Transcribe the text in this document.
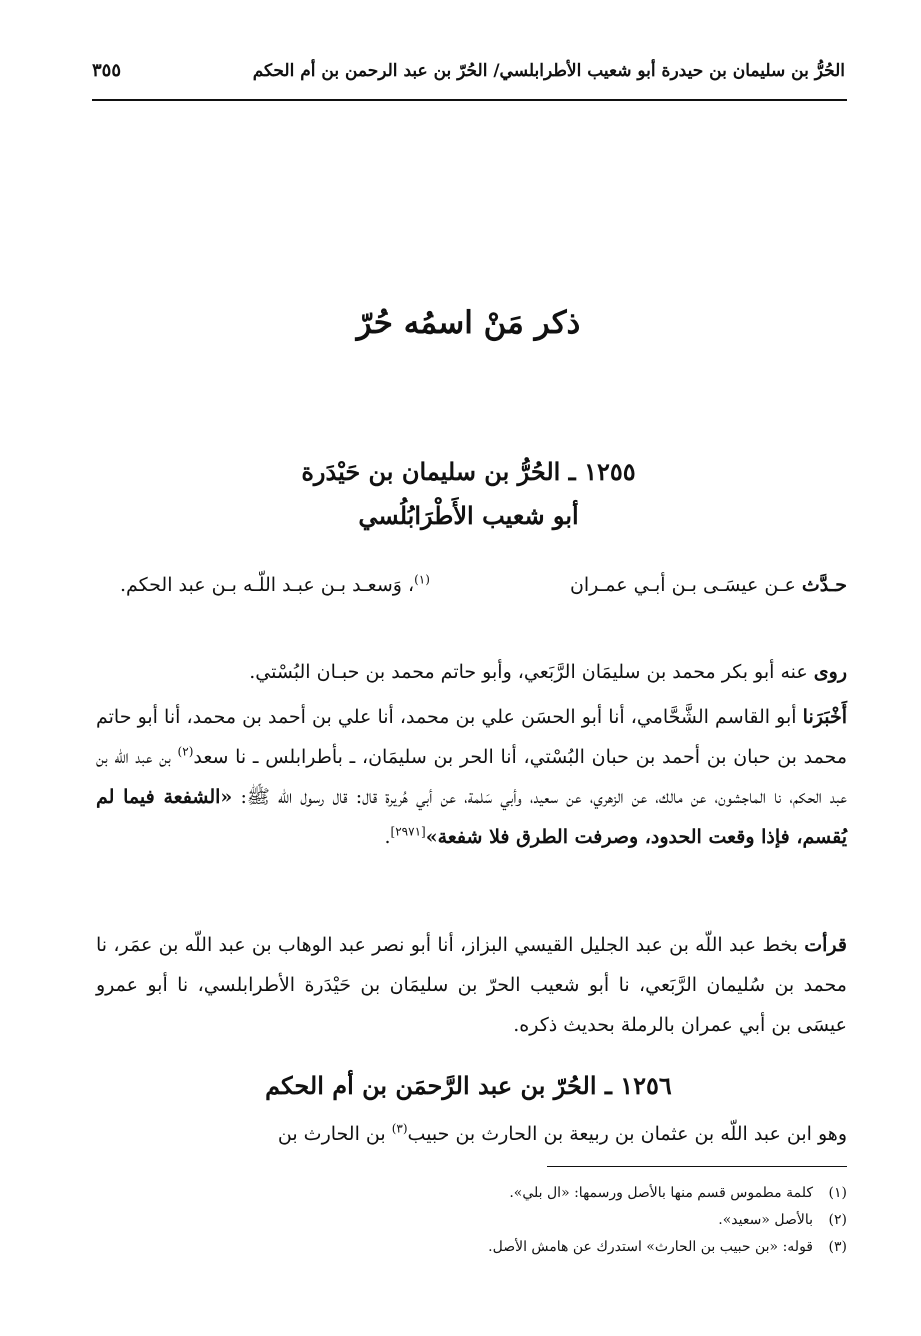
الحُرُّ بن سليمان بن حيدرة أبو شعيب الأطرابلسي/ الحُرّ بن عبد الرحمن بن أم الحكم
٣٥٥
ذكر مَنْ اسمُه حُرّ
١٢٥٥ ـ الحُرُّ بن سليمان بن حَيْدَرة
أبو شعيب الأَطْرَابُلُسي
حـدَّث عـن عيسَـى بـن أبـي عمـران$^{(١)}$، وَسعـد بـن عبـد اللّـه بـن عبد الحكم.
روى عنه أبو بكر محمد بن سليمَان الرَّبَعي، وأبو حاتم محمد بن حبـان البُسْتي.
أَخْبَرَنا أبو القاسم الشَّحَّامي، أنا أبو الحسَن علي بن محمد، أنا علي بن أحمد بن محمد، أنا أبو حاتم محمد بن حبان بن أحمد بن حبان البُسْتي، أنا الحر بن سليمَان، ـ بأطرابلس ـ نا سعد$^{(٢)}$ بن عبد اللّه بن عبد الحكم، نا الماجشون، عن مالك، عن الزهري، عن سعيد، وأبي سَلمة، عن أبي هُريرة قال: قال رسول الله ﷺ: «الشفعة فيما لم يُقسم، فإذا وقعت الحدود، وصرفت الطرق فلا شفعة»[٢٩٧١].
قرأت بخط عبد اللّه بن عبد الجليل القيسي البزاز، أنا أبو نصر عبد الوهاب بن عبد اللّه بن عمَر، نا محمد بن سُليمان الرَّبَعي، نا أبو شعيب الحرّ بن سليمَان بن حَيْدَرة الأطرابلسي، نا أبو عمرو عيسَى بن أبي عمران بالرملة بحديث ذكره.
١٢٥٦ ـ الحُرّ بن عبد الرَّحمَن بن أم الحكم
وهو ابن عبد اللّه بن عثمان بن ربيعة بن الحارث بن حبيب$^{(٣)}$ بن الحارث بن
(١)كلمة مطموس قسم منها بالأصل ورسمها: «ال بلي».
(٢)بالأصل «سعيد».
(٣)قوله: «بن حبيب بن الحارث» استدرك عن هامش الأصل.
